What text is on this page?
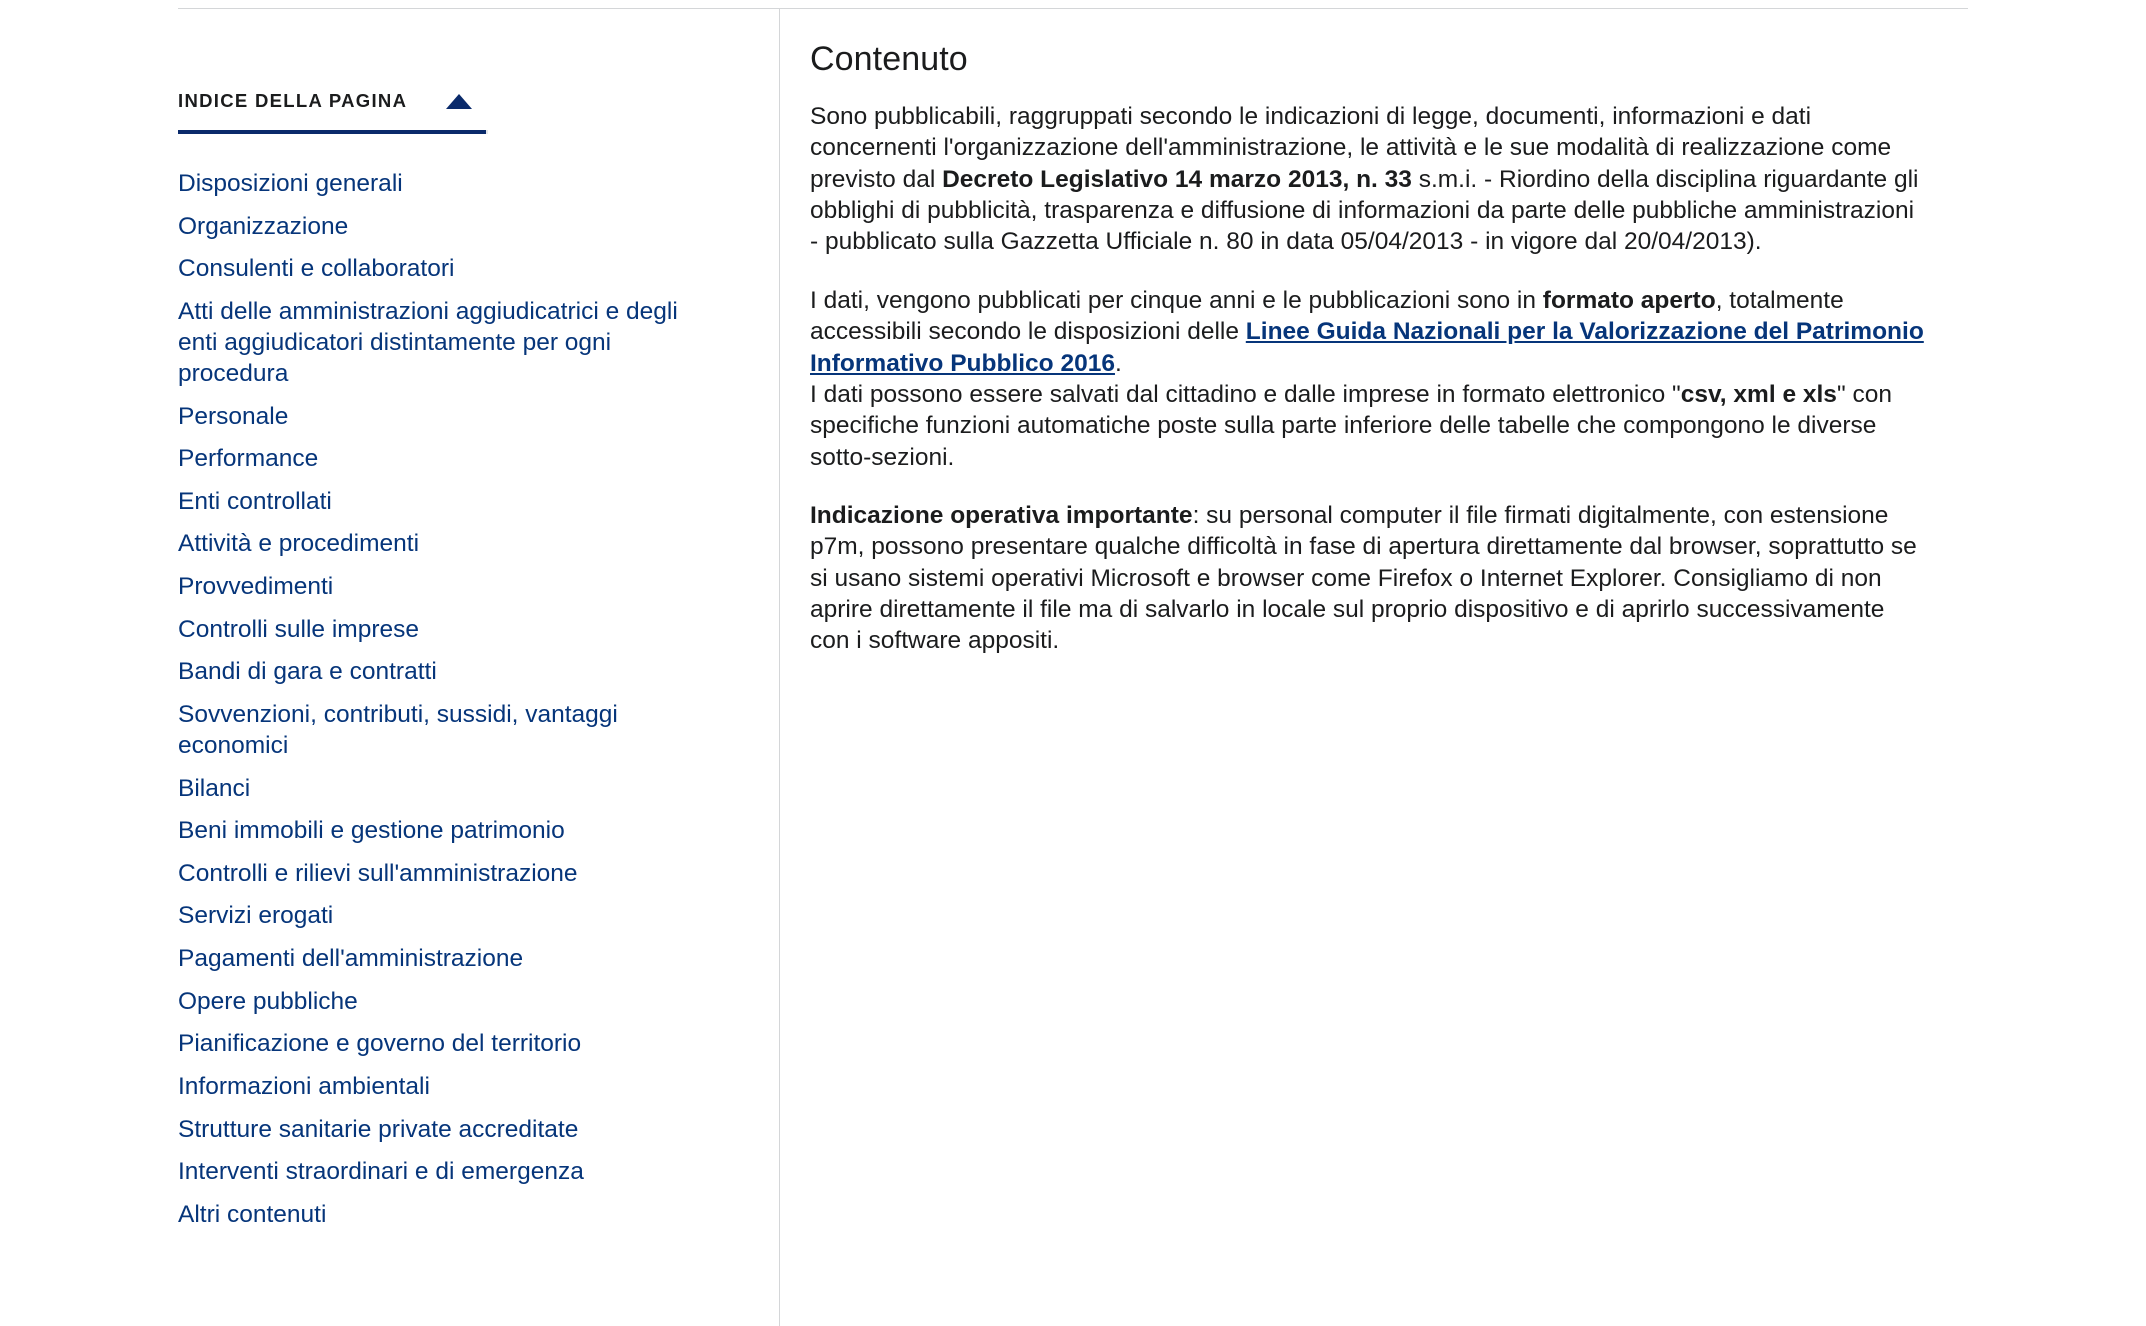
INDICE DELLA PAGINA
Disposizioni generali
Organizzazione
Consulenti e collaboratori
Atti delle amministrazioni aggiudicatrici e degli enti aggiudicatori distintamente per ogni procedura
Personale
Performance
Enti controllati
Attività e procedimenti
Provvedimenti
Controlli sulle imprese
Bandi di gara e contratti
Sovvenzioni, contributi, sussidi, vantaggi economici
Bilanci
Beni immobili e gestione patrimonio
Controlli e rilievi sull'amministrazione
Servizi erogati
Pagamenti dell'amministrazione
Opere pubbliche
Pianificazione e governo del territorio
Informazioni ambientali
Strutture sanitarie private accreditate
Interventi straordinari e di emergenza
Altri contenuti
Contenuto

Sono pubblicabili, raggruppati secondo le indicazioni di legge, documenti, informazioni e dati concernenti l'organizzazione dell'amministrazione, le attività e le sue modalità di realizzazione come previsto dal Decreto Legislativo 14 marzo 2013, n. 33 s.m.i. - Riordino della disciplina riguardante gli obblighi di pubblicità, trasparenza e diffusione di informazioni da parte delle pubbliche amministrazioni - pubblicato sulla Gazzetta Ufficiale n. 80 in data 05/04/2013 - in vigore dal 20/04/2013).

I dati, vengono pubblicati per cinque anni e le pubblicazioni sono in formato aperto, totalmente accessibili secondo le disposizioni delle Linee Guida Nazionali per la Valorizzazione del Patrimonio Informativo Pubblico 2016.

I dati possono essere salvati dal cittadino e dalle imprese in formato elettronico "csv, xml e xls" con specifiche funzioni automatiche poste sulla parte inferiore delle tabelle che compongono le diverse sotto-sezioni.

Indicazione operativa importante: su personal computer il file firmati digitalmente, con estensione p7m, possono presentare qualche difficoltà in fase di apertura direttamente dal browser, soprattutto se si usano sistemi operativi Microsoft e browser come Firefox o Internet Explorer. Consigliamo di non aprire direttamente il file ma di salvarlo in locale sul proprio dispositivo e di aprirlo successivamente con i software appositi.
